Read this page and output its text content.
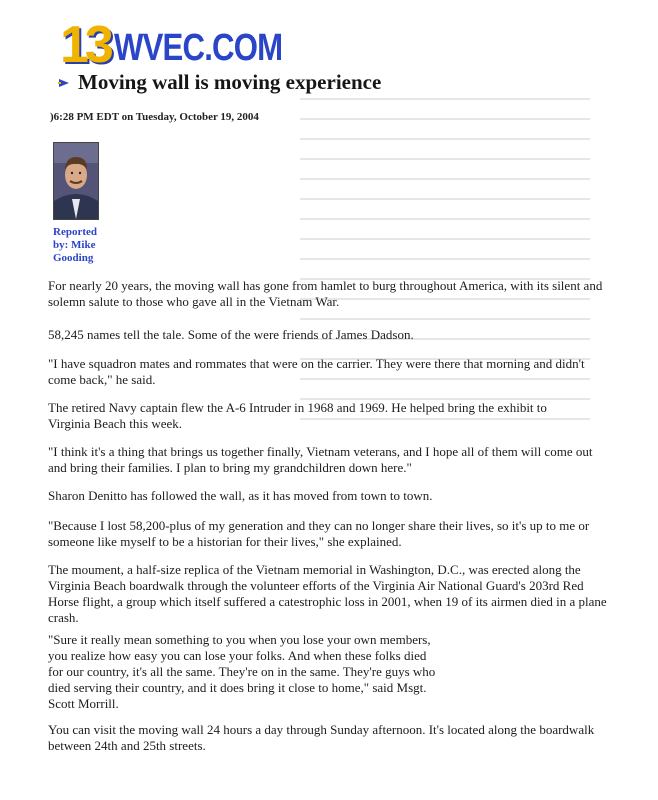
13 WVEC.COM
Moving wall is moving experience
)6:28 PM EDT on Tuesday, October 19, 2004
Reported
by: Mike
Gooding

For nearly 20 years, the moving wall has gone from hamlet to burg throughout America, with its silent and solemn salute to those who gave all in the Vietnam War.

58,245 names tell the tale. Some of the were friends of James Dadson.

"I have squadron mates and rommates that were on the carrier. They were there that morning and didn't come back," he said.

The retired Navy captain flew the A-6 Intruder in 1968 and 1969. He helped bring the exhibit to Virginia Beach this week.

"I think it's a thing that brings us together finally, Vietnam veterans, and I hope all of them will come out and bring their families. I plan to bring my grandchildren down here."

Sharon Denitto has followed the wall, as it has moved from town to town.

"Because I lost 58,200-plus of my generation and they can no longer share their lives, so it's up to me or someone like myself to be a historian for their lives," she explained.

The moument, a half-size replica of the Vietnam memorial in Washington, D.C., was erected along the Virginia Beach boardwalk through the volunteer efforts of the Virginia Air National Guard's 203rd Red Horse flight, a group which itself suffered a catestrophic loss in 2001, when 19 of its airmen died in a plane crash.

"Sure it really mean something to you when you lose your own members, you realize how easy you can lose your folks. And when these folks died for our country, it's all the same. They're on in the same. They're guys who died serving their country, and it does bring it close to home," said Msgt. Scott Morrill.

You can visit the moving wall 24 hours a day through Sunday afternoon. It's located along the boardwalk between 24th and 25th streets.
